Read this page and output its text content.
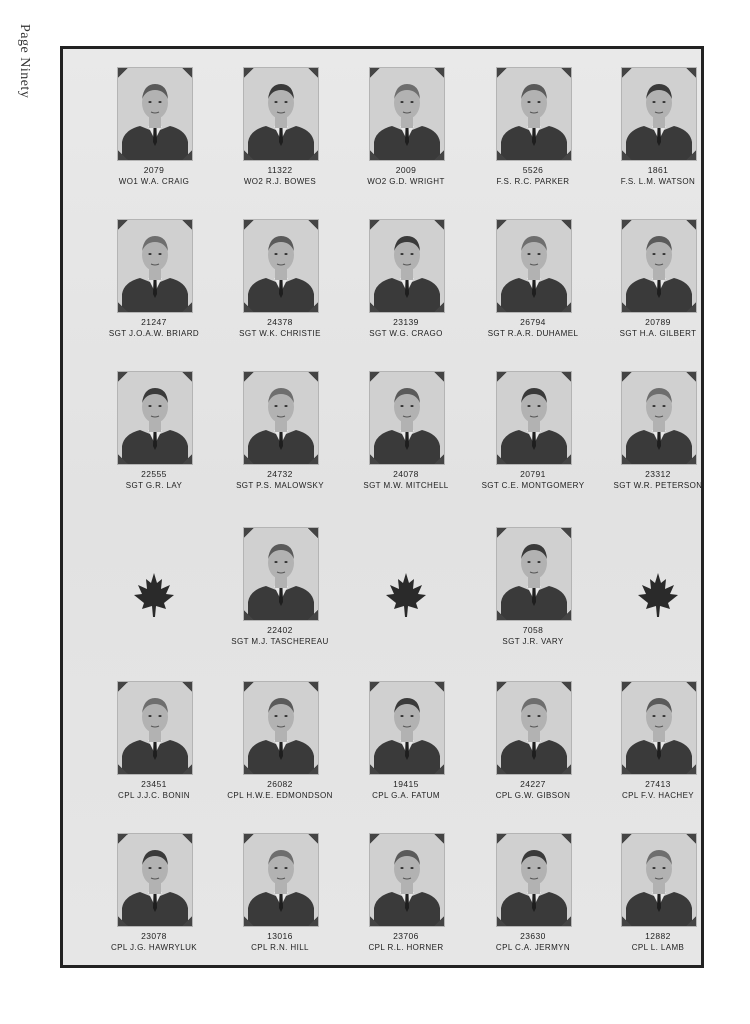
Page Ninety
2079
WO1 W.A. CRAIG
11322
WO2 R.J. BOWES
2009
WO2 G.D. WRIGHT
5526
F.S. R.C. PARKER
1861
F.S. L.M. WATSON
21247
SGT J.O.A.W. BRIARD
24378
SGT W.K. CHRISTIE
23139
SGT W.G. CRAGO
26794
SGT R.A.R. DUHAMEL
20789
SGT H.A. GILBERT
22555
SGT G.R. LAY
24732
SGT P.S. MALOWSKY
24078
SGT M.W. MITCHELL
20791
SGT C.E. MONTGOMERY
23312
SGT W.R. PETERSON
22402
SGT M.J. TASCHEREAU
7058
SGT J.R. VARY
23451
CPL J.J.C. BONIN
26082
CPL H.W.E. EDMONDSON
19415
CPL G.A. FATUM
24227
CPL G.W. GIBSON
27413
CPL F.V. HACHEY
23078
CPL J.G. HAWRYLUK
13016
CPL R.N. HILL
23706
CPL R.L. HORNER
23630
CPL C.A. JERMYN
12882
CPL L. LAMB
